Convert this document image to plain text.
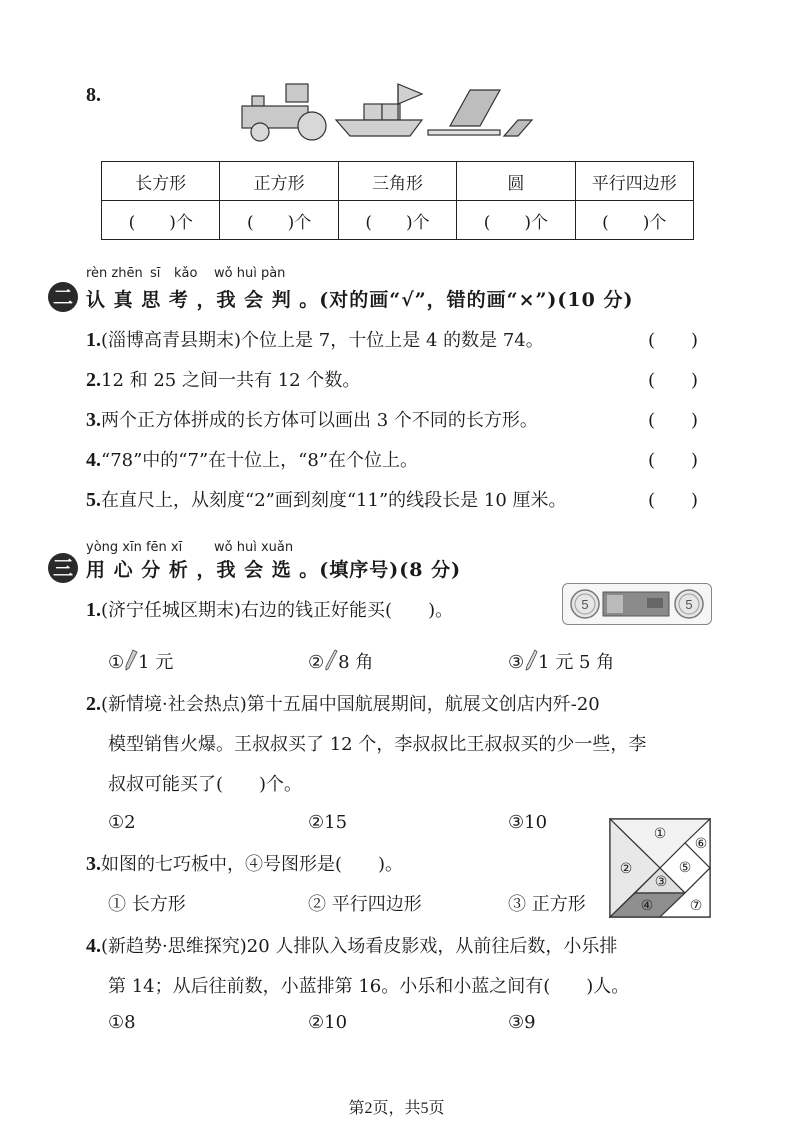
8.
长方形	正方形	三角形	圆	平行四边形
(　　)个	(　　)个	(　　)个	(　　)个	(　　)个
rèn zhēn sī kǎo wǒ huì pàn
二 认 真 思 考 ，我 会 判 。(对的画“√”，错的画“×”)(10 分)
1.(淄博高青县期末)个位上是 7，十位上是 4 的数是 74。	(　　)
2.12 和 25 之间一共有 12 个数。	(　　)
3.两个正方体拼成的长方体可以画出 3 个不同的长方形。	(　　)
4.“78”中的“7”在十位上，“8”在个位上。	(　　)
5.在直尺上，从刻度“2”画到刻度“11”的线段长是 10 厘米。	(　　)
yòng xīn fēn xī wǒ huì xuǎn
三 用 心 分 析 ，我 会 选 。(填序号)(8 分)
1.(济宁任城区期末)右边的钱正好能买(　　)。	5	5
① 1 元	② 8 角	③ 1 元 5 角
2.(新情境·社会热点)第十五届中国航展期间，航展文创店内歼-20
模型销售火爆。王叔叔买了 12 个，李叔叔比王叔叔买的少一些，李
叔叔可能买了(　　)个。
①2	②15	③10
3.如图的七巧板中，④号图形是(　　)。
① 长方形	② 平行四边形	③ 正方形
①
②
③
④
⑤
⑥
⑦
4.(新趋势·思维探究)20 人排队入场看皮影戏，从前往后数，小乐排
第 14；从后往前数，小蓝排第 16。小乐和小蓝之间有(　　)人。
①8	②10	③9
第2页，共5页
